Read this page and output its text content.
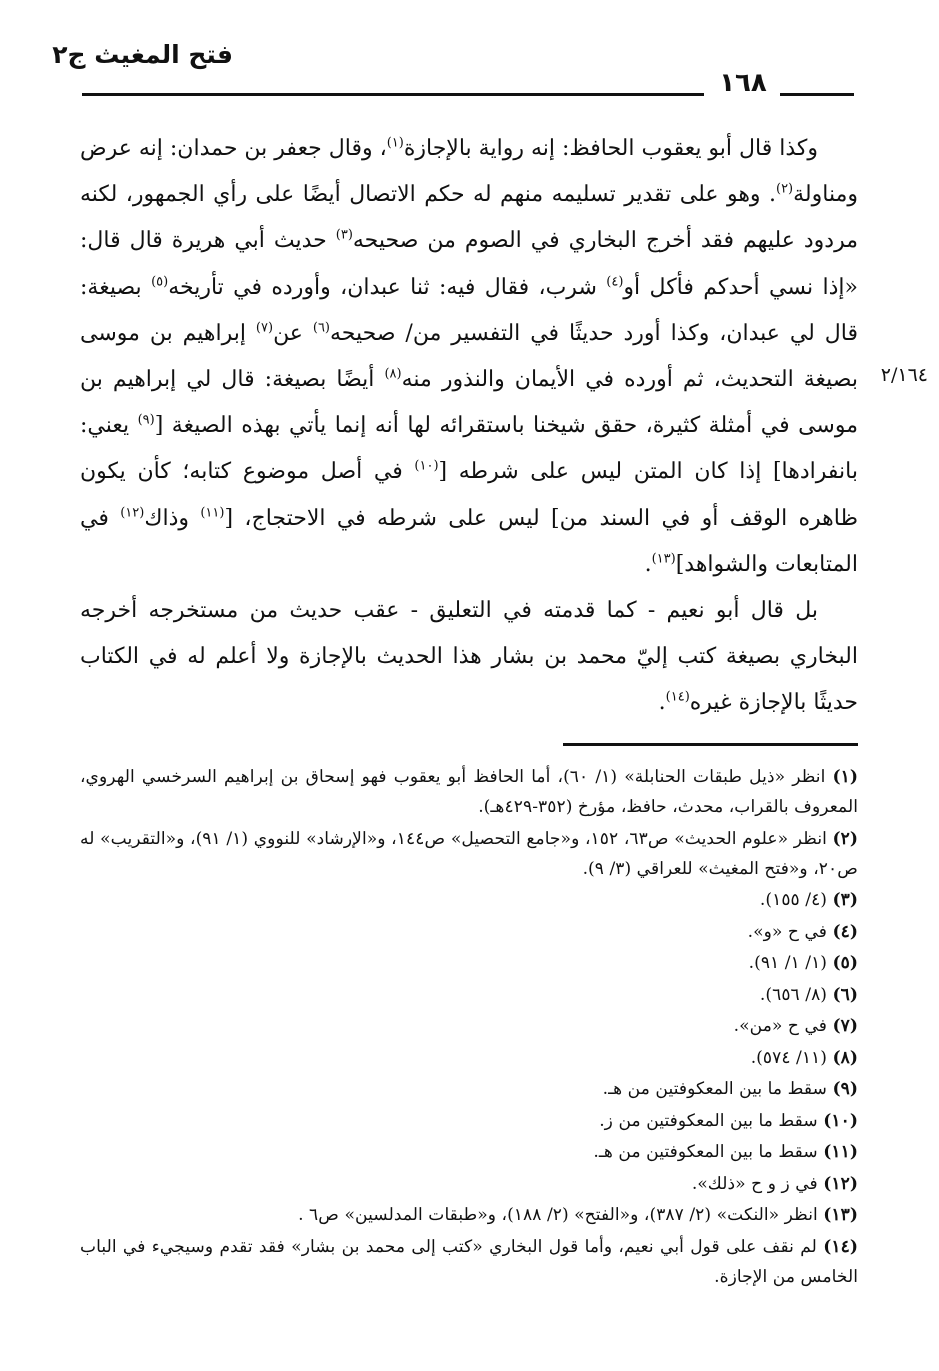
فتح المغيث ج٢
١٦٨
٢/١٦٤

وكذا قال أبو يعقوب الحافظ: إنه رواية بالإجازة$^{(١)}$، وقال جعفر بن حمدان: إنه عرض ومناولة$^{(٢)}$. وهو على تقدير تسليمه منهم له حكم الاتصال أيضًا على رأي الجمهور، لكنه مردود عليهم فقد أخرج البخاري في الصوم من صحيحه$^{(٣)}$ حديث أبي هريرة قال قال: «إذا نسي أحدكم فأكل أو$^{(٤)}$ شرب، فقال فيه: ثنا عبدان، وأورده في تأريخه$^{(٥)}$ بصيغة: قال لي عبدان، وكذا أورد حديثًا في التفسير من/ صحيحه$^{(٦)}$ عن$^{(٧)}$ إبراهيم بن موسى بصيغة التحديث، ثم أورده في الأيمان والنذور منه$^{(٨)}$ أيضًا بصيغة: قال لي إبراهيم بن موسى في أمثلة كثيرة، حقق شيخنا باستقرائه لها أنه إنما يأتي بهذه الصيغة [$^{(٩)}$ يعني: بانفرادها] إذا كان المتن ليس على شرطه [$^{(١٠)}$ في أصل موضوع كتابه؛ كأن يكون ظاهره الوقف أو في السند من] ليس على شرطه في الاحتجاج، [$^{(١١)}$ وذاك$^{(١٢)}$ في المتابعات والشواهد]$^{(١٣)}$.

بل قال أبو نعيم - كما قدمته في التعليق - عقب حديث من مستخرجه أخرجه البخاري بصيغة كتب إليّ محمد بن بشار هذا الحديث بالإجازة ولا أعلم له في الكتاب حديثًا بالإجازة غيره$^{(١٤)}$.

(١) انظر «ذيل طبقات الحنابلة» (١/ ٦٠)، أما الحافظ أبو يعقوب فهو إسحاق بن إبراهيم السرخسي الهروي، المعروف بالقراب، محدث، حافظ، مؤرخ (٣٥٢-٤٢٩هـ).

(٢) انظر «علوم الحديث» ص٦٣، ١٥٢، و«جامع التحصيل» ص١٤٤، و«الإرشاد» للنووي (١/ ٩١)، و«التقريب» له ص٢٠، و«فتح المغيث» للعراقي (٣/ ٩).

(٣) (٤/ ١٥٥).

(٤) في ح «و».

(٥) (١/ ١/ ٩١).

(٦) (٨/ ٦٥٦).

(٧) في ح «من».

(٨) (١١/ ٥٧٤).

(٩) سقط ما بين المعكوفتين من هـ.

(١٠) سقط ما بين المعكوفتين من ز.

(١١) سقط ما بين المعكوفتين من هـ.

(١٢) في ز و ح «ذلك».

(١٣) انظر «النكت» (٢/ ٣٨٧)، و«الفتح» (٢/ ١٨٨)، و«طبقات المدلسين» ص٦ .

(١٤) لم نقف على قول أبي نعيم، وأما قول البخاري «كتب إلى محمد بن بشار» فقد تقدم وسيجيء في الباب الخامس من الإجازة.
